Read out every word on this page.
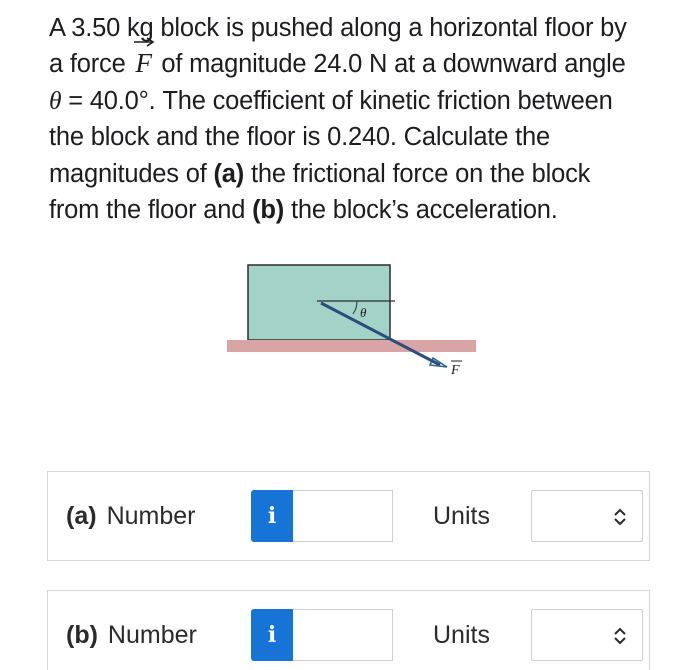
A 3.50 kg block is pushed along a horizontal floor by
a force F of magnitude 24.0 N at a downward angle
θ = 40.0°. The coefficient of kinetic friction between
the block and the floor is 0.240. Calculate the
magnitudes of (a) the frictional force on the block
from the floor and (b) the block’s acceleration.
θ
F
(a) Number	i	Units
(b) Number	i	Units
